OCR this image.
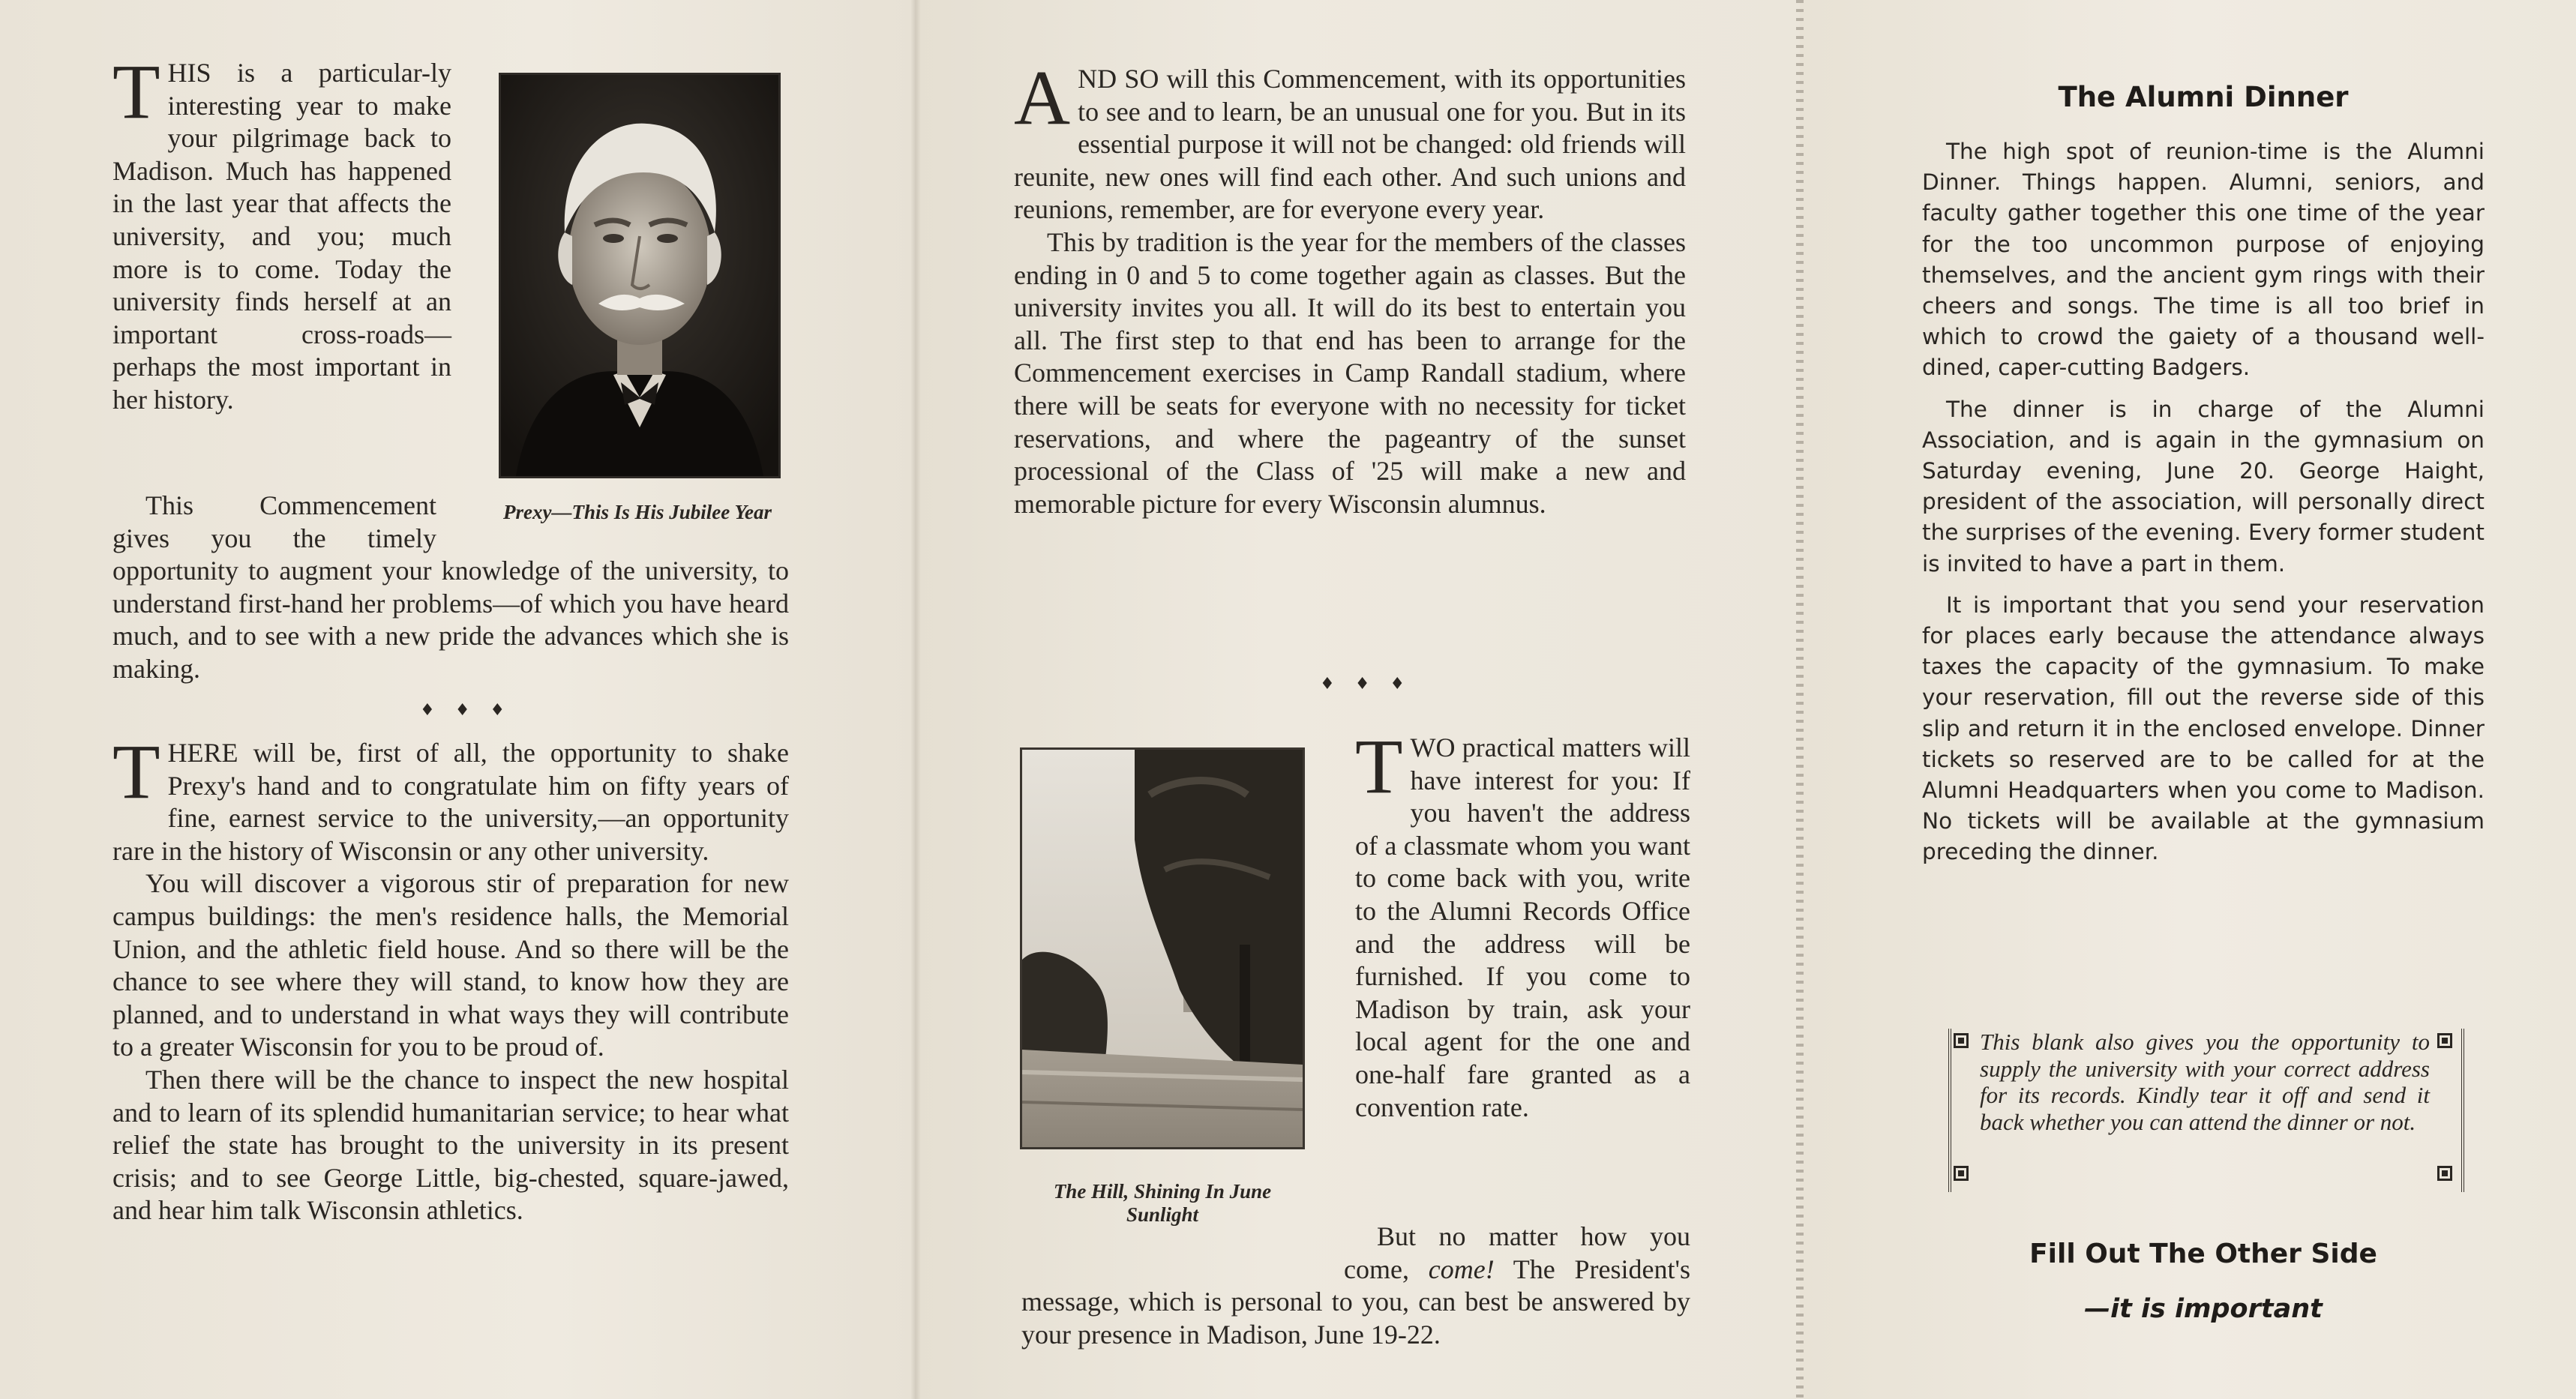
Prexy—This Is His Jubilee Year

T HIS is a particular-ly interesting year to make your pilgrimage back to Madison. Much has happened in the last year that affects the university, and you; much more is to come. Today the university finds herself at an important cross-roads—perhaps the most important in her history.

This Commencement gives you the timely opportunity to augment your knowledge of the university, to understand first-hand her problems—of which you have heard much, and to see with a new pride the advances which she is making.

♦ ♦ ♦

T HERE will be, first of all, the opportunity to shake Prexy's hand and to congratulate him on fifty years of fine, earnest service to the university,—an opportunity rare in the history of Wisconsin or any other university.

You will discover a vigorous stir of preparation for new campus buildings: the men's residence halls, the Memorial Union, and the athletic field house. And so there will be the chance to see where they will stand, to know how they are planned, and to understand in what ways they will contribute to a greater Wisconsin for you to be proud of.

Then there will be the chance to inspect the new hospital and to learn of its splendid humanitarian service; to hear what relief the state has brought to the university in its present crisis; and to see George Little, big-chested, square-jawed, and hear him talk Wisconsin athletics.

A ND SO will this Commencement, with its opportunities to see and to learn, be an unusual one for you. But in its essential purpose it will not be changed: old friends will reunite, new ones will find each other. And such unions and reunions, remember, are for everyone every year.

This by tradition is the year for the members of the classes ending in 0 and 5 to come together again as classes. But the university invites you all. It will do its best to entertain you all. The first step to that end has been to arrange for the Commencement exercises in Camp Randall stadium, where there will be seats for everyone with no necessity for ticket reservations, and where the pageantry of the sunset processional of the Class of '25 will make a new and memorable picture for every Wisconsin alumnus.

♦ ♦ ♦
The Hill, Shining In June Sunlight

T WO practical matters will have interest for you: If you haven't the address of a classmate whom you want to come back with you, write to the Alumni Records Office and the address will be furnished. If you come to Madison by train, ask your local agent for the one and one-half fare granted as a convention rate.

But no matter how you come, come! The President's message, which is personal to you, can best be answered by your presence in Madison, June 19-22.

The Alumni Dinner

The high spot of reunion-time is the Alumni Dinner. Things happen. Alumni, seniors, and faculty gather together this one time of the year for the too uncommon purpose of enjoying themselves, and the ancient gym rings with their cheers and songs. The time is all too brief in which to crowd the gaiety of a thousand well-dined, caper-cutting Badgers.

The dinner is in charge of the Alumni Association, and is again in the gymnasium on Saturday evening, June 20. George Haight, president of the association, will personally direct the surprises of the evening. Every former student is invited to have a part in them.

It is important that you send your reservation for places early because the attendance always taxes the capacity of the gymnasium. To make your reservation, fill out the reverse side of this slip and return it in the enclosed envelope. Dinner tickets so reserved are to be called for at the Alumni Headquarters when you come to Madison. No tickets will be available at the gymnasium preceding the dinner.

This blank also gives you the opportunity to supply the university with your correct address for its records. Kindly tear it off and send it back whether you can attend the dinner or not.
Fill Out The Other Side
—it is important
